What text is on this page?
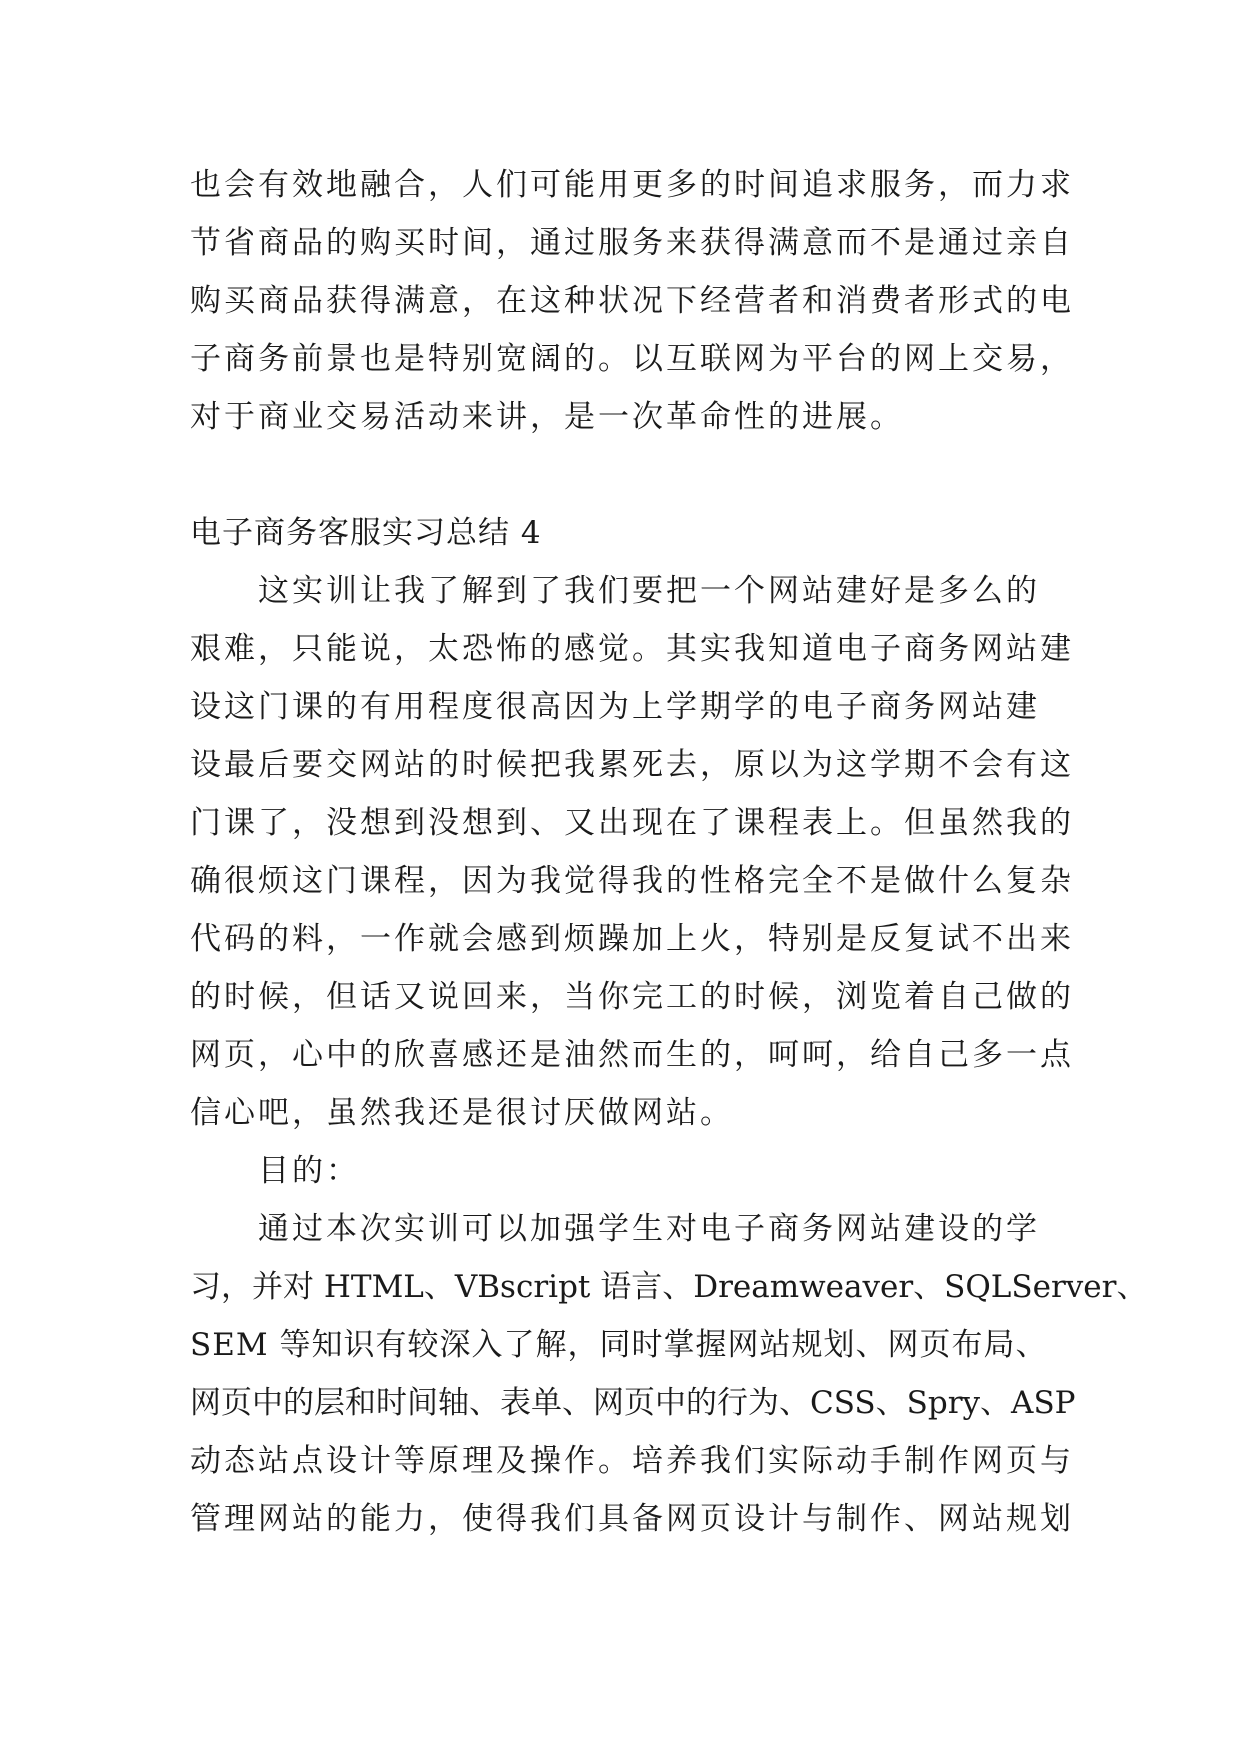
也会有效地融合，人们可能用更多的时间追求服务，而力求
节省商品的购买时间，通过服务来获得满意而不是通过亲自
购买商品获得满意，在这种状况下经营者和消费者形式的电
子商务前景也是特别宽阔的。以互联网为平台的网上交易，
对于商业交易活动来讲，是一次革命性的进展。
电子商务客服实习总结 4
这实训让我了解到了我们要把一个网站建好是多么的
艰难，只能说，太恐怖的感觉。其实我知道电子商务网站建
设这门课的有用程度很高因为上学期学的电子商务网站建
设最后要交网站的时候把我累死去，原以为这学期不会有这
门课了，没想到没想到、又出现在了课程表上。但虽然我的
确很烦这门课程，因为我觉得我的性格完全不是做什么复杂
代码的料，一作就会感到烦躁加上火，特别是反复试不出来
的时候，但话又说回来，当你完工的时候，浏览着自己做的
网页，心中的欣喜感还是油然而生的，呵呵，给自己多一点
信心吧，虽然我还是很讨厌做网站。
目的：
通过本次实训可以加强学生对电子商务网站建设的学
习，并对 HTML、VBscript 语言、Dreamweaver、SQLServer、
SEM 等知识有较深入了解，同时掌握网站规划、网页布局、
网页中的层和时间轴、表单、网页中的行为、CSS、Spry、ASP
动态站点设计等原理及操作。培养我们实际动手制作网页与
管理网站的能力，使得我们具备网页设计与制作、网站规划
